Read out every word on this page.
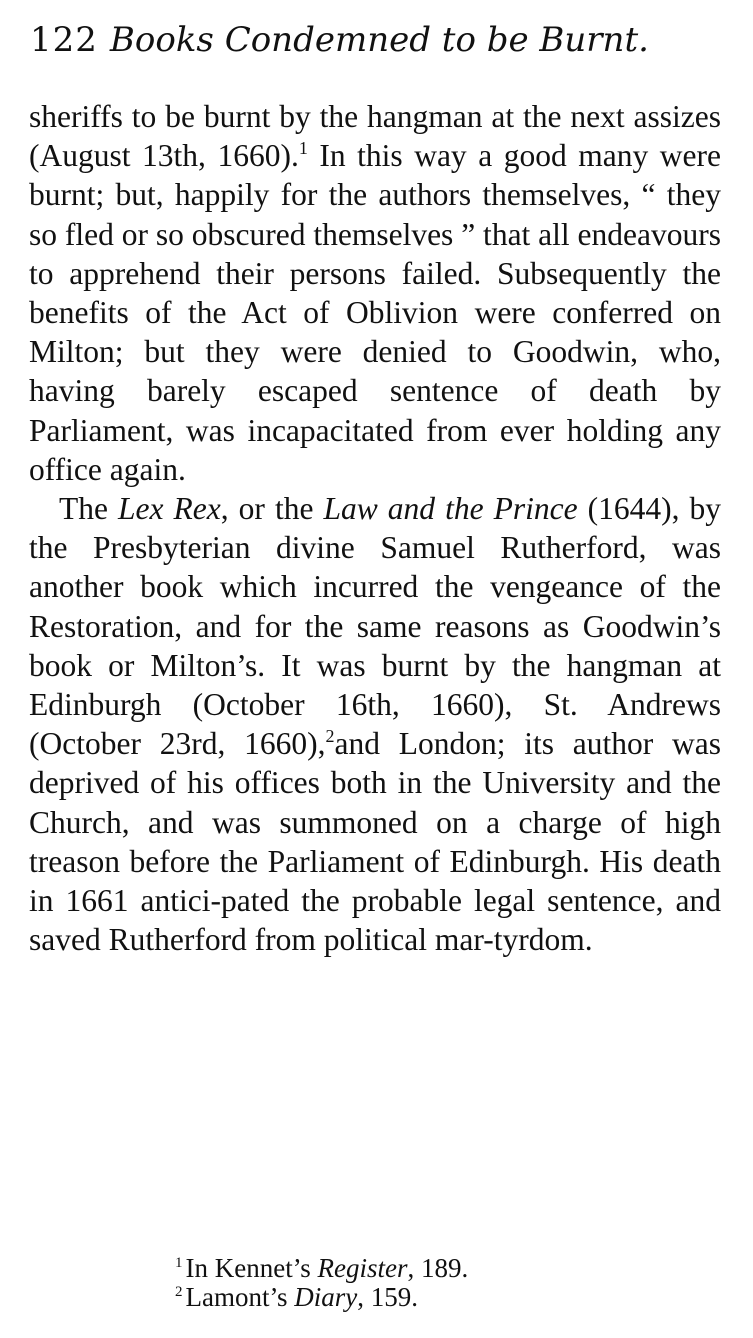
122 Books Condemned to be Burnt.

sheriffs to be burnt by the hangman at the next assizes (August 13th, 1660).$^1$ In this way a good many were burnt; but, happily for the authors themselves, “ they so fled or so obscured themselves ” that all endeavours to apprehend their persons failed. Subsequently the benefits of the Act of Oblivion were conferred on Milton; but they were denied to Goodwin, who, having barely escaped sentence of death by Parliament, was incapacitated from ever holding any office again.

The Lex Rex, or the Law and the Prince (1644), by the Presbyterian divine Samuel Rutherford, was another book which incurred the vengeance of the Restoration, and for the same reasons as Goodwin’s book or Milton’s. It was burnt by the hangman at Edinburgh (October 16th, 1660), St. Andrews (October 23rd, 1660),$^2$and London; its author was deprived of his offices both in the University and the Church, and was summoned on a charge of high treason before the Parliament of Edinburgh. His death in 1661 antici-pated the probable legal sentence, and saved Rutherford from political mar-tyrdom.

$^1$ In Kennet’s Register, 189.
$^2$ Lamont’s Diary, 159.
